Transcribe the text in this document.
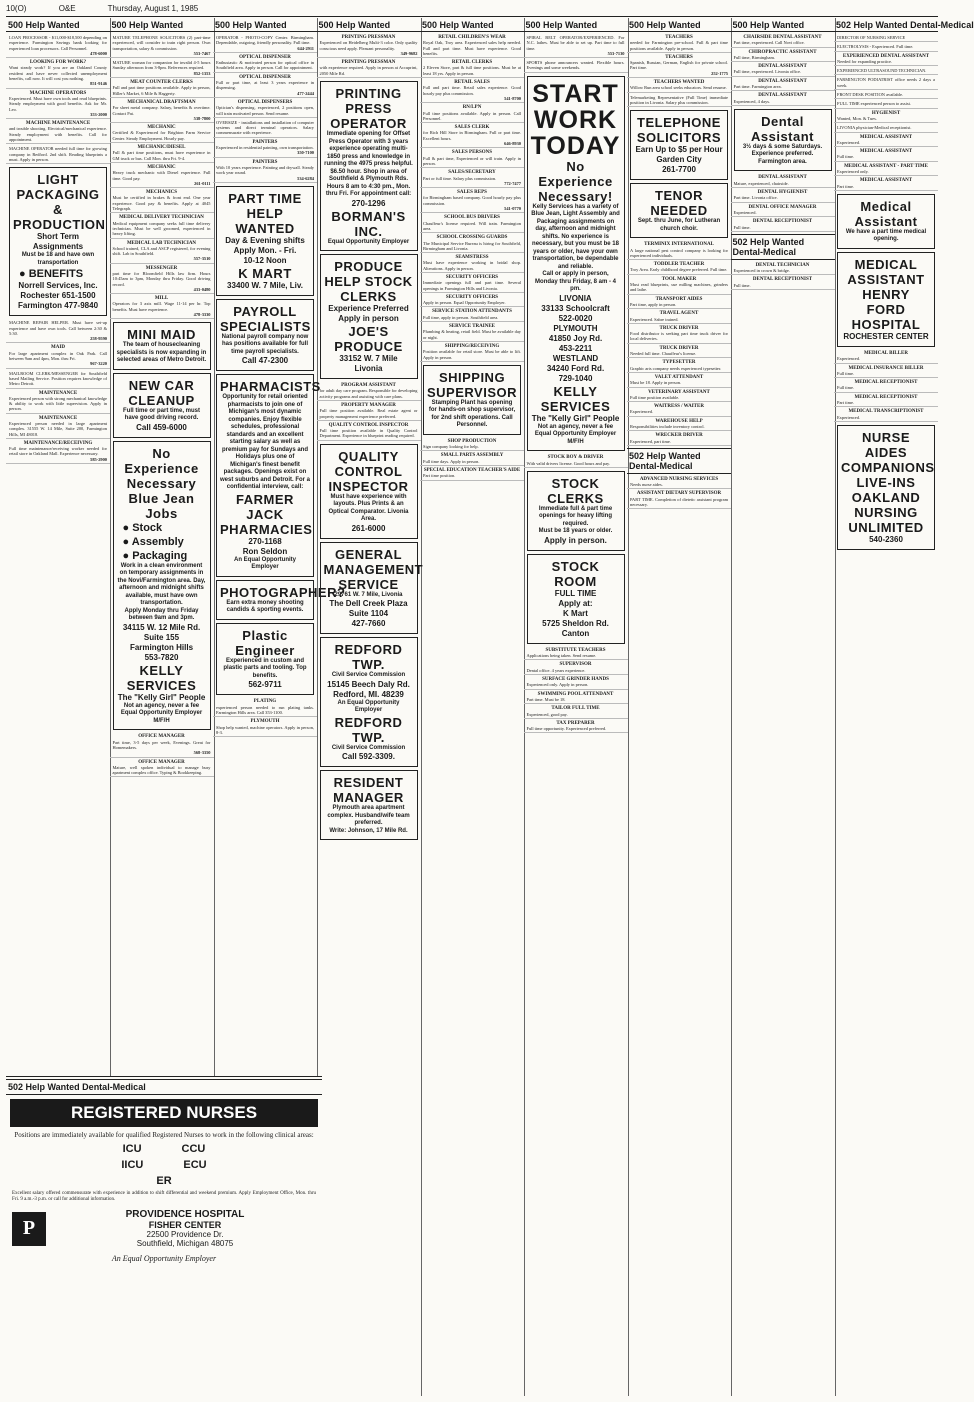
10(O)	O&E	Thursday, August 1, 1985
500 Help Wanted
LOAN PROCESSOR - $11,000-$18,500 depending on experience. Farmington Savings bank looking for experienced loan processors. Call Personnel.
478-6000
LOOKING FOR WORK?
Want steady work? If you are an Oakland County resident and have never collected unemployment benefits, call now. It will cost you nothing.
851-9146
MACHINE OPERATORS
Experienced. Must have own tools and read blueprints. Steady employment with good benefits. Ask for Mr. Leo.
353-2000
MACHINE MAINTENANCE
and trouble shooting. Electrical/mechanical experience. Steady employment with benefits. Call for appointment.
MACHINE OPERATOR needed full time for growing company in Redford. 2nd shift. Reading blueprints a must. Apply in person.
LIGHT PACKAGING & PRODUCTION
Short Term Assignments
Must be 18 and have own transportation
● BENEFITS
Norrell Services, Inc.
Rochester 651-1500
Farmington 477-9840
MACHINE REPAIR HELPER. Must have set-up experience and have own tools. Call between 2:30 & 5:30.
258-9590
MAID
For large apartment complex in Oak Park. Call between 9am and 4pm, Mon. thru Fri.
967-3220
MAILROOM CLERK/MESSENGER for Southfield based Mailing Service. Position requires knowledge of Metro Detroit.
MAINTENANCE
Experienced person with strong mechanical knowledge & ability to work with little supervision. Apply in person.
MAINTENANCE
Experienced person needed in large apartment complex. 31555 W. 14 Mile, Suite 200, Farmington Hills, MI 48018.
MAINTENANCE/RECEIVING
Full time maintenance/receiving worker needed for retail store in Oakland Mall. Experience necessary.
585-2900
500 Help Wanted
MATURE TELEPHONE SOLICITORS (2) part-time experienced, will consider to train right person. Own transportation, salary & commission.
553-7467
MATURE woman for companion for invalid 4-5 hours Sunday afternoon from 3-8pm. References required.
852-1353
MEAT COUNTER CLERKS
Full and part time positions available. Apply in person, Hiller's Market, 6 Mile & Haggerty.
MECHANICAL DRAFTSMAN
For sheet metal company. Salary, benefits & overtime. Contact Pat.
538-7800
MECHANIC
Certified & Experienced for Brighton Farm Service Center. Steady Employment. Hourly pay.
MECHANIC/DIESEL
Full & part time positions, must have experience in GM truck or bus. Call Mon. thru Fri. 9-4.
MECHANIC
Heavy truck mechanic with Diesel experience. Full time. Good pay.
261-0111
MECHANICS
Must be certified in brakes & front end. One year experience. Good pay & benefits. Apply at 4045 Telegraph.
MEDICAL DELIVERY TECHNICIAN
Medical equipment company seeks full time delivery technician. Must be well groomed, experienced in heavy lifting.
MEDICAL LAB TECHNICIAN
School trained, CLA and ASCP registered, for evening shift. Lab in Southfield.
557-3510
MESSENGER
part time for Bloomfield Hills law firm. Hours 10:45am to 3pm, Monday thru Friday. Good driving record.
433-0480
MILL
Operators for 3 axis mill. Wage 11-14 per hr. Top benefits. Must have experience.
478-3330
MINI MAID
The team of housecleaning specialists is now expanding in selected areas of Metro Detroit.
NEW CAR CLEANUP
Full time or part time, must have good driving record.
Call 459-6000
No Experience Necessary
Blue Jean Jobs
● Stock
● Assembly
● Packaging
Work in a clean environment on temporary assignments in the Novi/Farmington area. Day, afternoon and midnight shifts available, must have own transportation.
Apply Monday thru Friday between 9am and 3pm.
34115 W. 12 Mile Rd.
Suite 155
Farmington Hills
553-7820
KELLY SERVICES
The "Kelly Girl" People
Not an agency, never a fee
Equal Opportunity Employer M/F/H
OFFICE MANAGER
Part time, 3-5 days per week, Evenings. Great for Homemakers.
568-3350
OFFICE MANAGER
Mature, well spoken individual to manage busy apartment complex office. Typing & Bookkeeping.
500 Help Wanted
OPERATOR - PHOTO-COPY Center. Birmingham. Dependable, outgoing, friendly personality. Full time.
644-2911
OPTICAL DISPENSER
Enthusiastic & motivated person for optical office in Southfield area. Apply in person. Call for appointment.
OPTICAL DISPENSER
Full or part time, at least 3 years experience in dispensing.
477-2444
OPTICAL DISPENSERS
Optician's dispensing, experienced, 2 positions open, will train motivated person. Send resume.
OVERSIZE - installations and installation of computer systems and direct terminal operators. Salary commensurate with experience.
PAINTERS
Experienced in residential painting, own transportation.
350-7100
PAINTERS
With 10 years experience. Painting and drywall. Steady work year round.
534-6284
PART TIME HELP WANTED
Day & Evening shifts
Apply Mon. - Fri.
10-12 Noon
K MART
33400 W. 7 Mile, Liv.
PAYROLL SPECIALISTS
National payroll company now has positions available for full time payroll specialists.
Call 47-2300
PHARMACISTS
Opportunity for retail oriented pharmacists to join one of Michigan's most dynamic companies. Enjoy flexible schedules, professional standards and an excellent starting salary as well as premium pay for Sundays and Holidays plus one of Michigan's finest benefit packages. Openings exist on west suburbs and Detroit. For a confidential interview, call:
FARMER JACK PHARMACIES
270-1168
Ron Seldon
An Equal Opportunity Employer
PHOTOGRAPHER?
Earn extra money shooting candids & sporting events.
Plastic Engineer
Experienced in custom and plastic parts and tooling. Top benefits.
562-9711
PLATING
experienced person needed to run plating tanks. Farmington Hills area. Call 353-1100.
PLYMOUTH
Shop help wanted, machine operators. Apply in person, 8-3.
500 Help Wanted
PRINTING PRESSMAN
Experienced on Heidelberg Multi-3 color. Only quality conscious need apply. Pleasant personality.
349-9682
PRINTING PRESSMAN
with experience required. Apply in person at Accuprint, 2050 Mile Rd.
PRINTING PRESS OPERATOR
Immediate opening for Offset Press Operator with 3 years experience operating multi-1850 press and knowledge in running the 4975 press helpful. $6.50 hour. Shop in area of Southfield & Plymouth Rds. Hours 8 am to 4:30 pm., Mon. thru Fri. For appointment call:
270-1296
BORMAN'S INC.
Equal Opportunity Employer
PRODUCE HELP STOCK CLERKS
Experience Preferred
Apply in person
JOE'S PRODUCE
33152 W. 7 Mile
Livonia
PROGRAM ASSISTANT
for adult day care program. Responsible for developing activity programs and assisting with care plans.
PROPERTY MANAGER
Full time position available. Real estate agent or property management experience preferred.
QUALITY CONTROL INSPECTOR
Full time position available in Quality Control Department. Experience in blueprint reading required.
QUALITY CONTROL INSPECTOR
Must have experience with layouts. Plus Prints & an Optical Comparator. Livonia Area.
261-6000
GENERAL MANAGEMENT SERVICE
29761 W. 7 Mile, Livonia
The Dell Creek Plaza
Suite 1104
427-7660
REDFORD TWP.
Civil Service Commission
15145 Beech Daly Rd.
Redford, MI. 48239
An Equal Opportunity Employer
REDFORD TWP.
Civil Service Commission
Call 592-3309.
RESIDENT MANAGER
Plymouth area apartment complex. Husband/wife team preferred.
Write: Johnson, 17 Mile Rd.
500 Help Wanted
RETAIL CHILDREN'S WEAR
Royal Oak, Troy area. Experienced sales help needed. Full and part time. Must have experience. Good benefits.
RETAIL CLERKS
2 Eleven Store, part & full time positions. Must be at least 18 yrs. Apply in person.
RETAIL SALES
Full and part time. Retail sales experience. Good hourly pay plus commission.
541-8700
RN/LPN
Full time positions available. Apply in person. Call Personnel.
SALES CLERK
for Rich Hill Store in Birmingham. Full or part time. Excellent hours.
646-8930
SALES PERSONS
Full & part time, Experienced or will train. Apply in person.
SALES/SECRETARY
Part or full time. Salary plus commission.
772-7477
SALES REPS
for Birmingham based company. Good hourly pay plus commission.
541-0770
SCHOOL BUS DRIVERS
Chauffeur's license required. Will train. Farmington area.
SCHOOL CROSSING GUARDS
The Municipal Service Bureau is hiring for Southfield, Birmingham and Livonia.
SEAMSTRESS
Must have experience working in bridal shop. Alterations. Apply in person.
SECURITY OFFICERS
Immediate openings full and part time. Several openings in Farmington Hills and Livonia.
SECURITY OFFICERS
Apply in person. Equal Opportunity Employer.
SERVICE STATION ATTENDANTS
Full time, apply in person. Southfield area.
SERVICE TRAINEE
Plumbing & heating, retail field. Must be available day or night.
SHIPPING/RECEIVING
Position available for retail store. Must be able to lift. Apply in person.
SHIPPING SUPERVISOR
Stamping Plant has opening for hands-on shop supervisor, for 2nd shift operations. Call Personnel.
SHOP PRODUCTION
Sign company looking for help.
SMALL PARTS ASSEMBLY
Full time days. Apply in person.
SPECIAL EDUCATION TEACHER'S AIDE
Part time position.
500 Help Wanted
SPIRAL BELT OPERATOR/EXPERIENCED. For N.C. lathes. Must be able to set up. Part time to full time.
553-7130
SPORTS phone announcers wanted. Flexible hours. Evenings and some weekends.
START
WORK
TODAY
No
Experience
Necessary!
Kelly Services has a variety of Blue Jean, Light Assembly and Packaging assignments on day, afternoon and midnight shifts. No experience is necessary, but you must be 18 years or older, have your own transportation, be dependable and reliable.
Call or apply in person, Monday thru Friday, 8 am - 4 pm.
LIVONIA
33133 Schoolcraft
522-0020
PLYMOUTH
41850 Joy Rd.
453-2211
WESTLAND
34240 Ford Rd.
729-1040
KELLY SERVICES
The "Kelly Girl" People
Not an agency, never a fee
Equal Opportunity Employer M/F/H
STOCK BOY & DRIVER
With valid drivers license. Good hours and pay.
STOCK CLERKS
Immediate full & part time openings for heavy lifting required.
Must be 18 years or older.
Apply in person.
STOCK ROOM
FULL TIME
Apply at:
K Mart
5725 Sheldon Rd.
Canton
SUBSTITUTE TEACHERS
Applications being taken. Send resume.
SUPERVISOR
Dental office. 4 years experience.
SURFACE GRINDER HANDS
Experienced only. Apply in person.
SWIMMING POOL ATTENDANT
Part time. Must be 18.
TAILOR FULL TIME
Experienced, good pay.
TAX PREPARER
Full time opportunity. Experienced preferred.
500 Help Wanted
TEACHERS
needed for Farmington pre-school. Full & part time positions available. Apply in person.
TEACHERS
Spanish, Russian, German, English for private school. Part time.
252-1775
TEACHERS WANTED
Willow Run area school seeks educators. Send resume.
Telemarketing Representative (Full Time) immediate position in Livonia. Salary plus commission.
TELEPHONE SOLICITORS
Earn Up to $5 per Hour
Garden City
261-7700
TENOR NEEDED
Sept. thru June, for Lutheran church choir.
TERMINIX INTERNATIONAL
A large national pest control company is looking for experienced individuals.
TODDLER TEACHER
Troy Area. Early childhood degree preferred. Full time.
TOOL MAKER
Must read blueprints, use milling machines, grinders and lathe.
TRANSPORT AIDES
Part time, apply in person.
TRAVEL AGENT
Experienced. Sabre trained.
TRUCK DRIVER
Food distributor is seeking part time truck driver for local deliveries.
TRUCK DRIVER
Needed full time. Chauffeur's license.
TYPESETTER
Graphic arts company needs experienced typesetter.
VALET ATTENDANT
Must be 18. Apply in person.
VETERINARY ASSISTANT
Full time position available.
WAITRESS / WAITER
Experienced.
WAREHOUSE HELP
Responsibilities include inventory control.
WRECKER DRIVER
Experienced, part time.
502 Help Wanted Dental-Medical
ADVANCED NURSING SERVICES
Needs nurse aides.
ASSISTANT DIETARY SUPERVISOR
PART TIME. Completion of dietetic assistant program necessary.
500 Help Wanted
CHAIRSIDE DENTAL ASSISTANT
Part time, experienced. Call Novi office.
CHIROPRACTIC ASSISTANT
Full time, Birmingham.
DENTAL ASSISTANT
Full time, experienced. Livonia office.
DENTAL ASSISTANT
Part time. Farmington area.
DENTAL ASSISTANT
Experienced, 4 days.
Dental Assistant
3½ days & some Saturdays. Experience preferred. Farmington area.
DENTAL ASSISTANT
Mature, experienced, chairside.
DENTAL HYGIENIST
Part time. Livonia office.
DENTAL OFFICE MANAGER
Experienced.
DENTAL RECEPTIONIST
Full time.
502 Help Wanted Dental-Medical
DENTAL TECHNICIAN
Experienced in crown & bridge.
DENTAL RECEPTIONIST
Full time.
502 Help Wanted Dental-Medical
DIRECTOR OF NURSING SERVICE
ELECTROLYSIS - Experienced. Full time.
EXPERIENCED DENTAL ASSISTANT
Needed for expanding practice.
EXPERIENCED ULTRASOUND TECHNICIAN.
FARMINGTON PODIATRIST office needs 2 days a week.
FRONT DESK POSITION available.
FULL TIME experienced person to assist.
HYGIENIST
Wanted, Mon. & Tues.
LIVONIA physician-Medical receptionist.
MEDICAL ASSISTANT
Experienced.
MEDICAL ASSISTANT
Full time.
MEDICAL ASSISTANT - PART TIME
Experienced only.
MEDICAL ASSISTANT
Part time.
Medical Assistant
We have a part time medical opening.
MEDICAL ASSISTANT
HENRY FORD HOSPITAL
ROCHESTER CENTER
MEDICAL BILLER
Experienced.
MEDICAL INSURANCE BILLER
Full time.
MEDICAL RECEPTIONIST
Full time.
MEDICAL RECEPTIONIST
Part time.
MEDICAL TRANSCRIPTIONIST
Experienced.
NURSE AIDES
COMPANIONS
LIVE-INS
OAKLAND
NURSING
UNLIMITED
540-2360
502 Help Wanted Dental-Medical
REGISTERED NURSES
Positions are immediately available for qualified Registered Nurses to work in the following clinical areas:
ICU	CCU
IICU	ECU
ER
Excellent salary offered commensurate with experience in addition to shift differential and weekend premium. Apply Employment Office, Mon. thru Fri. 9 a.m.-3 p.m. or call for additional information.
P
PROVIDENCE HOSPITAL
FISHER CENTER
22500 Providence Dr.
Southfield, Michigan 48075
An Equal Opportunity Employer
